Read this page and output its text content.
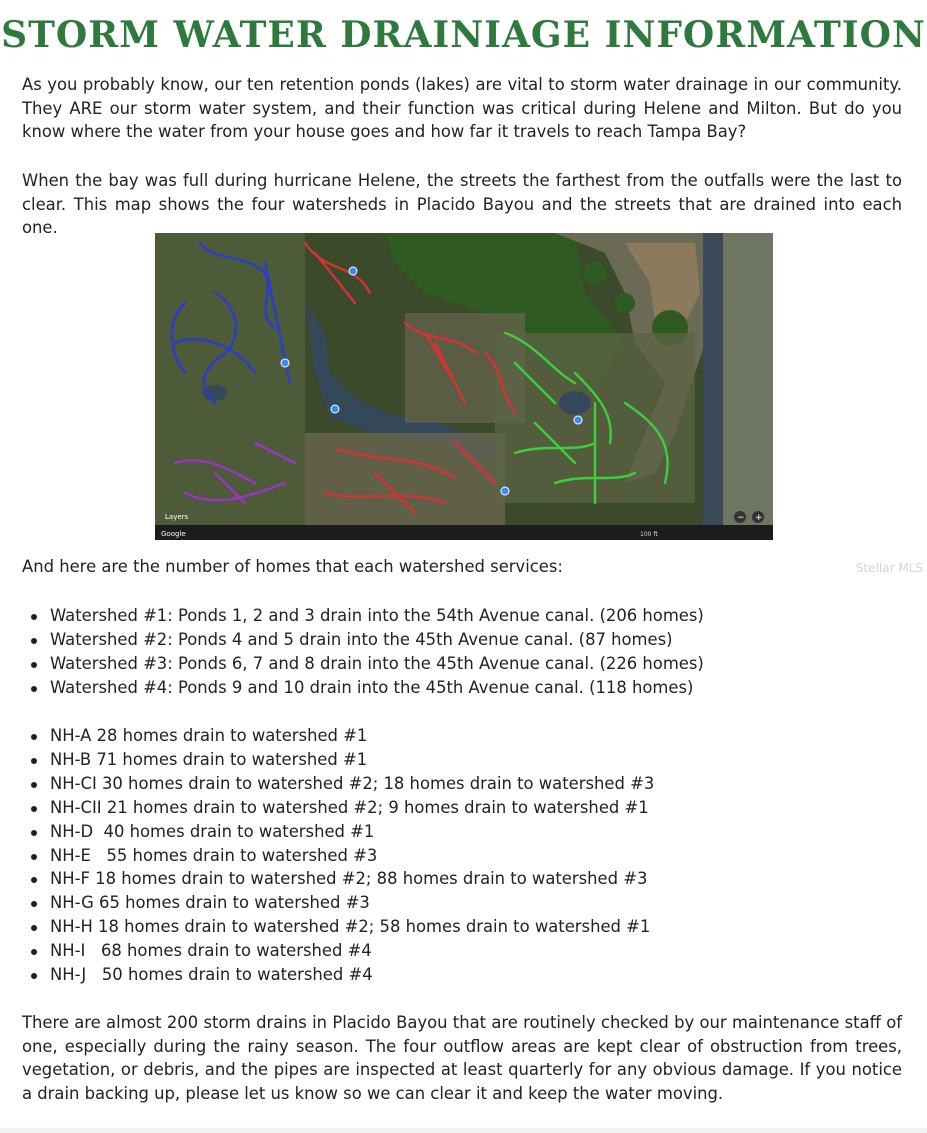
STORM WATER DRAINIAGE INFORMATION

As you probably know, our ten retention ponds (lakes) are vital to storm water drainage in our community. They ARE our storm water system, and their function was critical during Helene and Milton. But do you know where the water from your house goes and how far it travels to reach Tampa Bay?

When the bay was full during hurricane Helene, the streets the farthest from the outfalls were the last to clear. This map shows the four watersheds in Placido Bayou and the streets that are drained into each one.

Google
Layers
100 ft
− +

And here are the number of homes that each watershed services:	Stellar MLS
Watershed #1: Ponds 1, 2 and 3 drain into the 54th Avenue canal. (206 homes)
Watershed #2: Ponds 4 and 5 drain into the 45th Avenue canal. (87 homes)
Watershed #3: Ponds 6, 7 and 8 drain into the 45th Avenue canal. (226 homes)
Watershed #4: Ponds 9 and 10 drain into the 45th Avenue canal. (118 homes)
NH-A 28 homes drain to watershed #1
NH-B 71 homes drain to watershed #1
NH-CI 30 homes drain to watershed #2; 18 homes drain to watershed #3
NH-CII 21 homes drain to watershed #2; 9 homes drain to watershed #1
NH-D  40 homes drain to watershed #1
NH-E   55 homes drain to watershed #3
NH-F 18 homes drain to watershed #2; 88 homes drain to watershed #3
NH-G 65 homes drain to watershed #3
NH-H 18 homes drain to watershed #2; 58 homes drain to watershed #1
NH-I   68 homes drain to watershed #4
NH-J   50 homes drain to watershed #4

There are almost 200 storm drains in Placido Bayou that are routinely checked by our maintenance staff of one, especially during the rainy season. The four outflow areas are kept clear of obstruction from trees, vegetation, or debris, and the pipes are inspected at least quarterly for any obvious damage. If you notice a drain backing up, please let us know so we can clear it and keep the water moving.
